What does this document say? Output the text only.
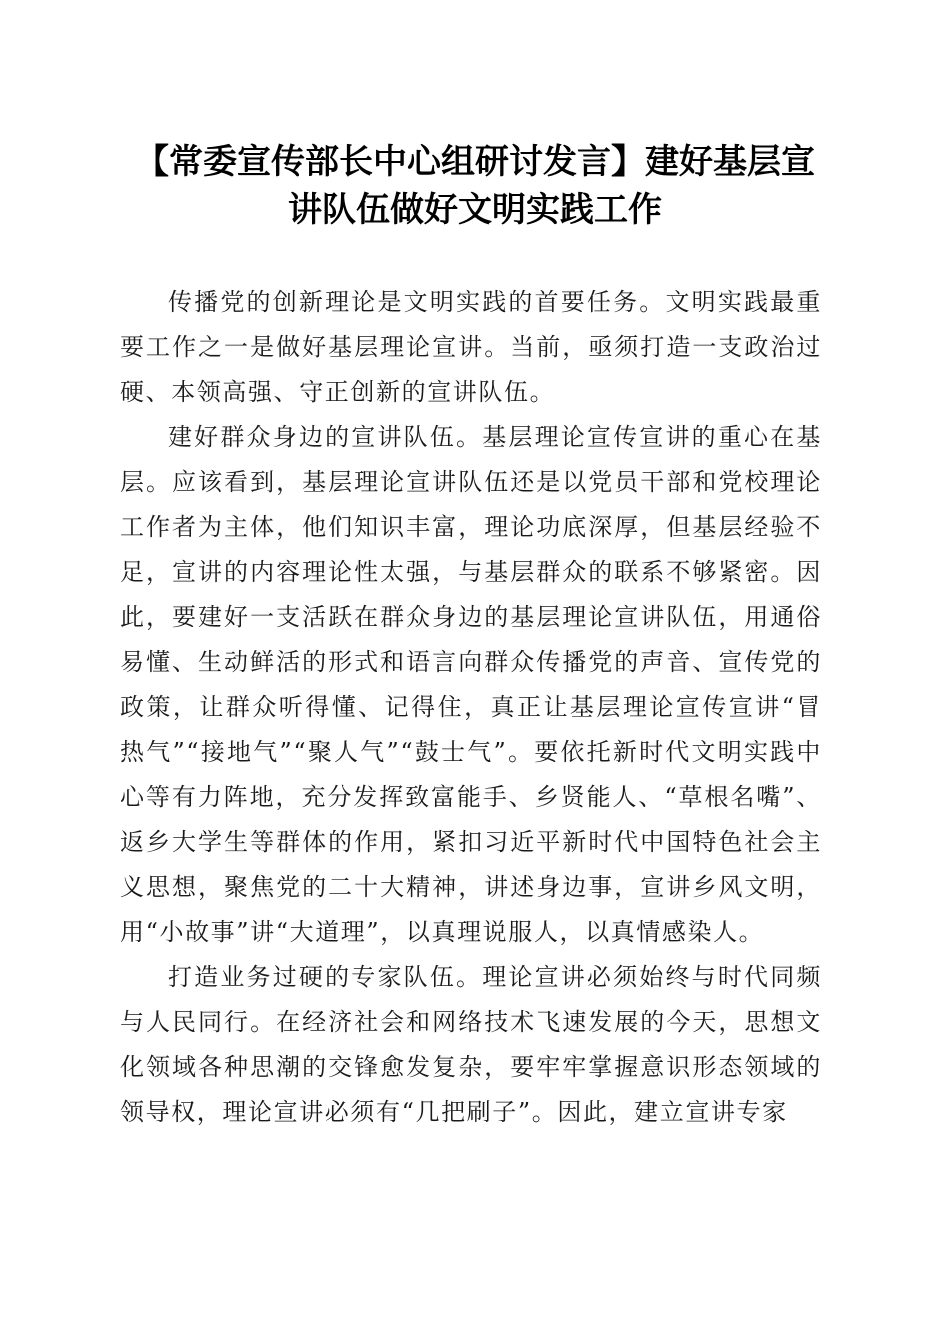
【常委宣传部长中心组研讨发言】建好基层宣
讲队伍做好文明实践工作

传播党的创新理论是文明实践的首要任务。文明实践最重要工作之一是做好基层理论宣讲。当前，亟须打造一支政治过硬、本领高强、守正创新的宣讲队伍。

建好群众身边的宣讲队伍。基层理论宣传宣讲的重心在基层。应该看到，基层理论宣讲队伍还是以党员干部和党校理论工作者为主体，他们知识丰富，理论功底深厚，但基层经验不足，宣讲的内容理论性太强，与基层群众的联系不够紧密。因此，要建好一支活跃在群众身边的基层理论宣讲队伍，用通俗易懂、生动鲜活的形式和语言向群众传播党的声音、宣传党的政策，让群众听得懂、记得住，真正让基层理论宣传宣讲“冒热气”“接地气”“聚人气”“鼓士气”。要依托新时代文明实践中心等有力阵地，充分发挥致富能手、乡贤能人、“草根名嘴”、返乡大学生等群体的作用，紧扣习近平新时代中国特色社会主义思想，聚焦党的二十大精神，讲述身边事，宣讲乡风文明，用“小故事”讲“大道理”，以真理说服人，以真情感染人。

打造业务过硬的专家队伍。理论宣讲必须始终与时代同频与人民同行。在经济社会和网络技术飞速发展的今天，思想文化领域各种思潮的交锋愈发复杂，要牢牢掌握意识形态领域的领导权，理论宣讲必须有“几把刷子”。因此，建立宣讲专家
